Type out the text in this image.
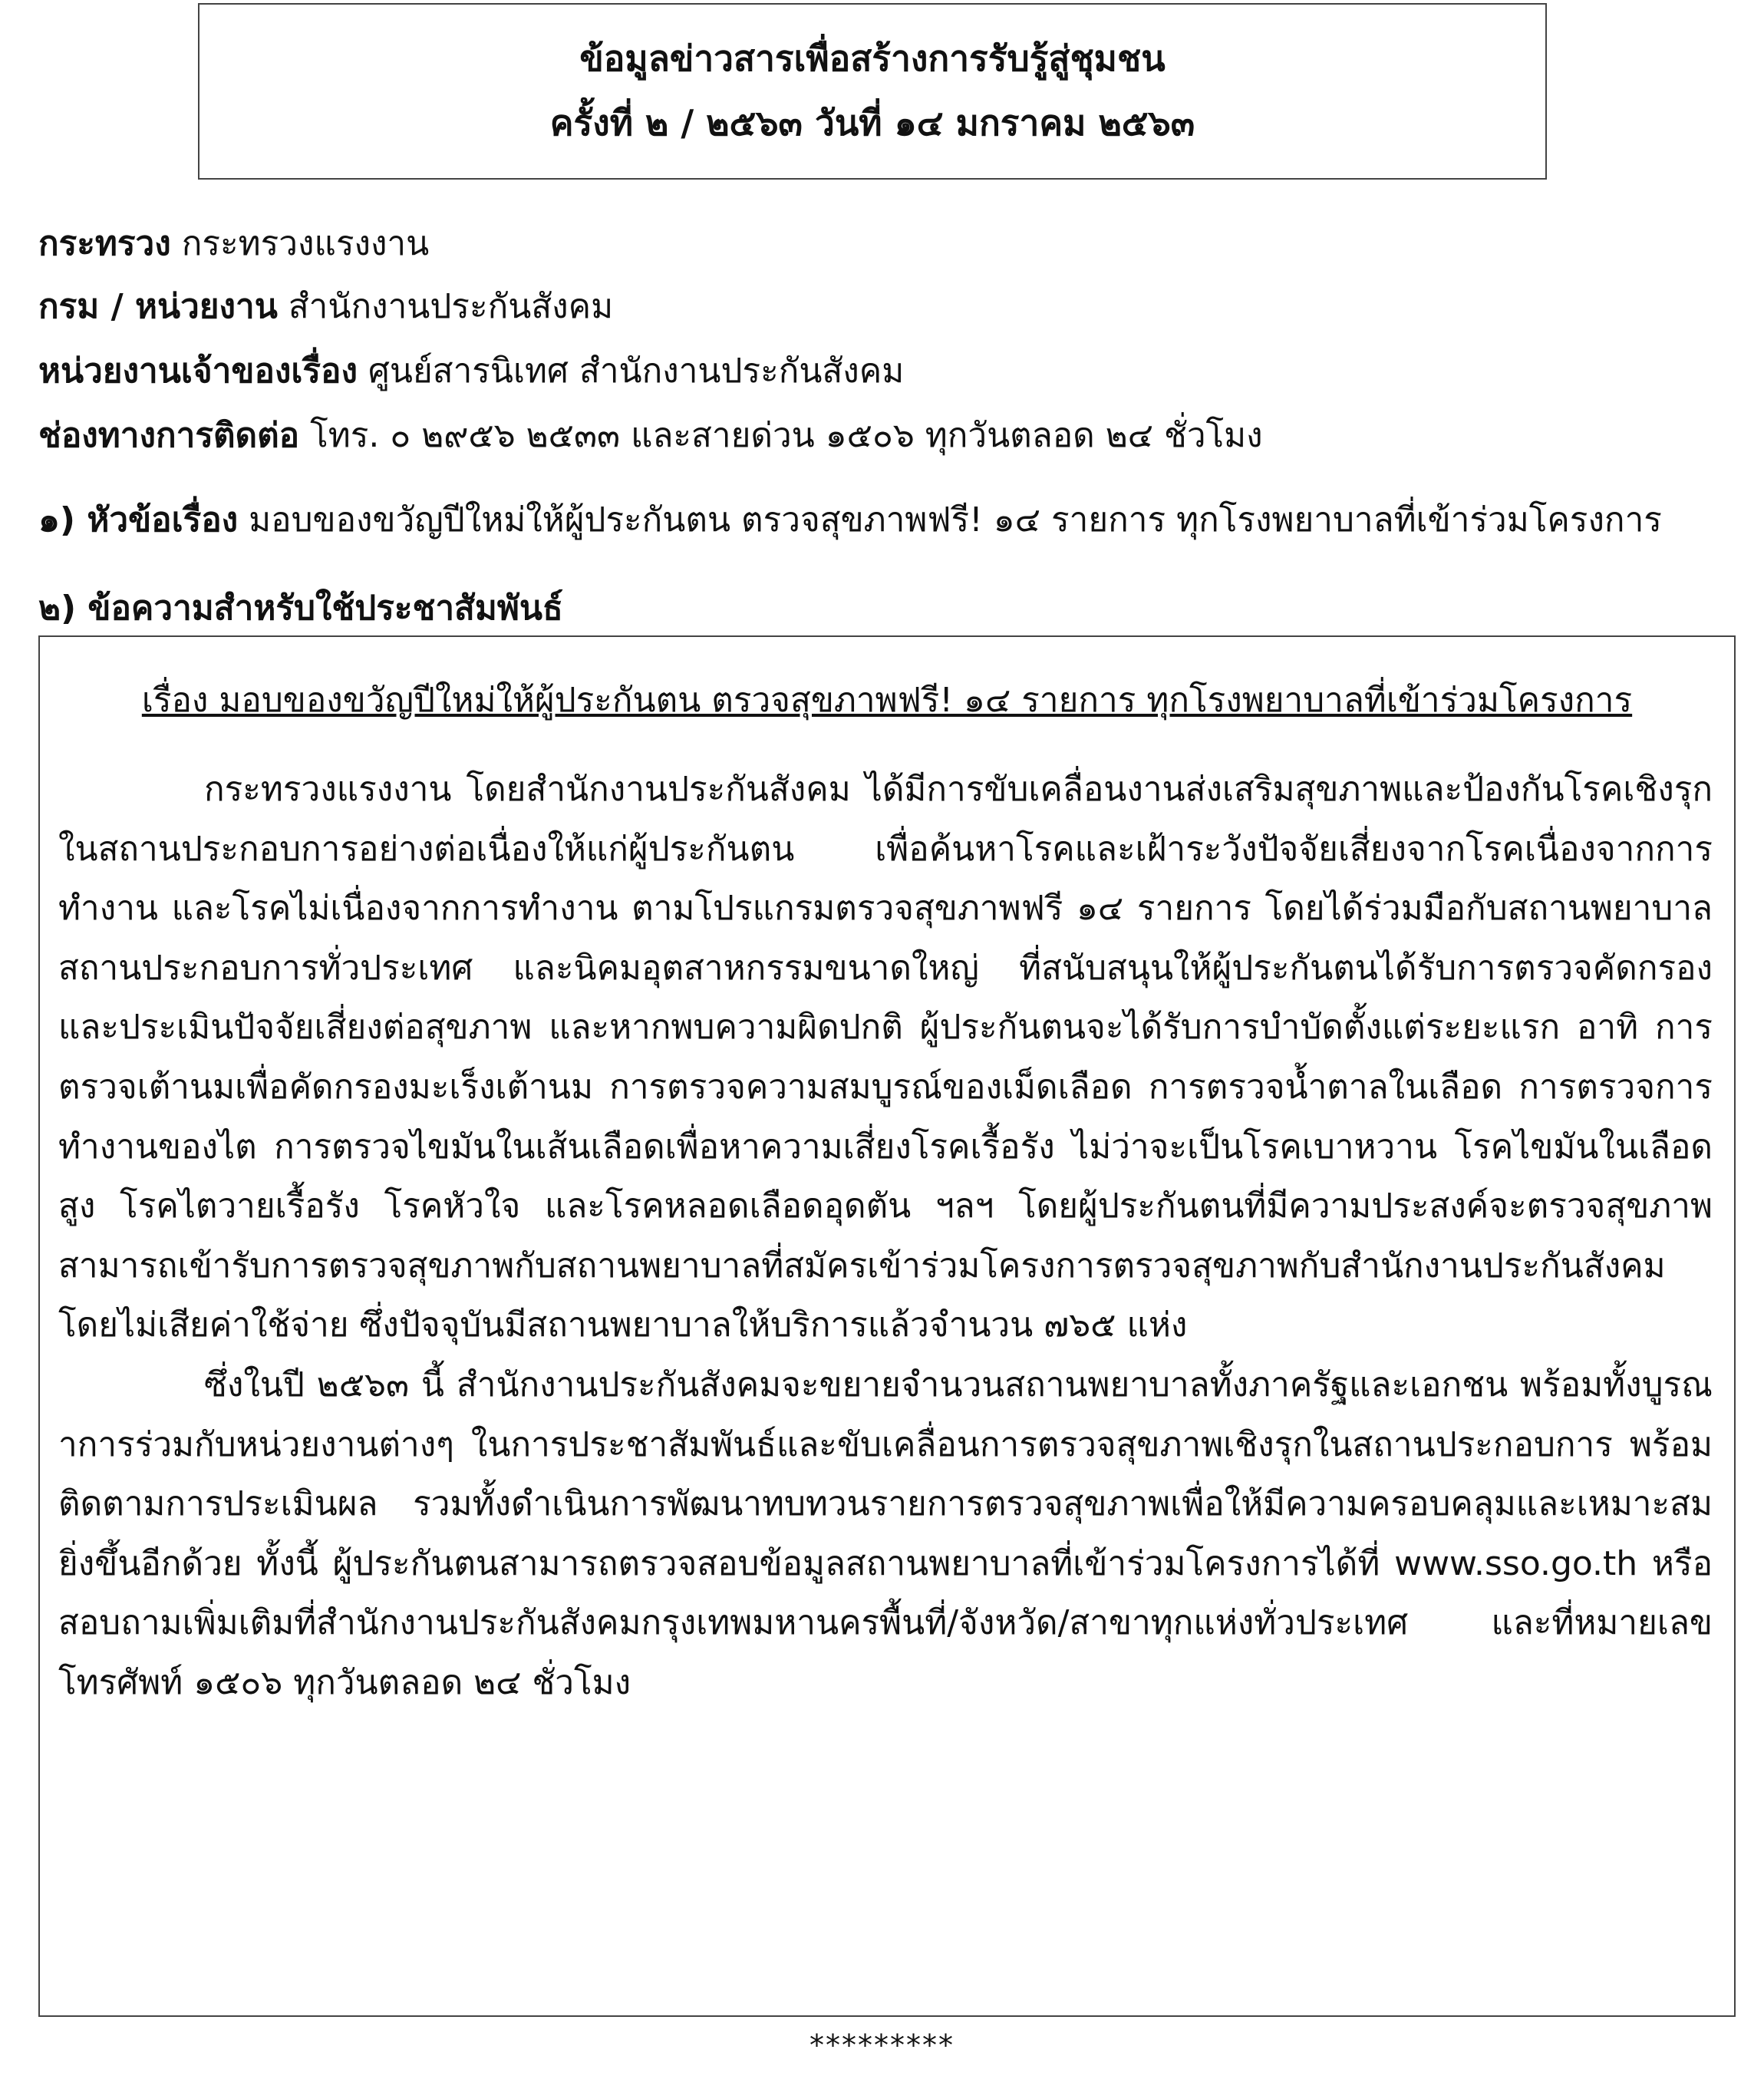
ข้อมูลข่าวสารเพื่อสร้างการรับรู้สู่ชุมชน
ครั้งที่ ๒ / ๒๕๖๓ วันที่ ๑๔ มกราคม ๒๕๖๓
กระทรวง กระทรวงแรงงาน
กรม / หน่วยงาน สำนักงานประกันสังคม
หน่วยงานเจ้าของเรื่อง ศูนย์สารนิเทศ สำนักงานประกันสังคม
ช่องทางการติดต่อ โทร. ๐ ๒๙๕๖ ๒๕๓๓ และสายด่วน ๑๕๐๖ ทุกวันตลอด ๒๔ ชั่วโมง
๑) หัวข้อเรื่อง มอบของขวัญปีใหม่ให้ผู้ประกันตน ตรวจสุขภาพฟรี! ๑๔ รายการ ทุกโรงพยาบาลที่เข้าร่วมโครงการ
๒) ข้อความสำหรับใช้ประชาสัมพันธ์
เรื่อง มอบของขวัญปีใหม่ให้ผู้ประกันตน ตรวจสุขภาพฟรี! ๑๔ รายการ ทุกโรงพยาบาลที่เข้าร่วมโครงการ

กระทรวงแรงงาน โดยสำนักงานประกันสังคม ได้มีการขับเคลื่อนงานส่งเสริมสุขภาพและป้องกันโรคเชิงรุกในสถานประกอบการอย่างต่อเนื่องให้แก่ผู้ประกันตน เพื่อค้นหาโรคและเฝ้าระวังปัจจัยเสี่ยงจากโรคเนื่องจากการทำงาน และโรคไม่เนื่องจากการทำงาน ตามโปรแกรมตรวจสุขภาพฟรี ๑๔ รายการ โดยได้ร่วมมือกับสถานพยาบาล สถานประกอบการทั่วประเทศ และนิคมอุตสาหกรรมขนาดใหญ่ ที่สนับสนุนให้ผู้ประกันตนได้รับการตรวจคัดกรองและประเมินปัจจัยเสี่ยงต่อสุขภาพ และหากพบความผิดปกติ ผู้ประกันตนจะได้รับการบำบัดตั้งแต่ระยะแรก อาทิ การตรวจเต้านมเพื่อคัดกรองมะเร็งเต้านม การตรวจความสมบูรณ์ของเม็ดเลือด การตรวจน้ำตาลในเลือด การตรวจการทำงานของไต การตรวจไขมันในเส้นเลือดเพื่อหาความเสี่ยงโรคเรื้อรัง ไม่ว่าจะเป็นโรคเบาหวาน โรคไขมันในเลือดสูง โรคไตวายเรื้อรัง โรคหัวใจ และโรคหลอดเลือดอุดตัน ฯลฯ โดยผู้ประกันตนที่มีความประสงค์จะตรวจสุขภาพสามารถเข้ารับการตรวจสุขภาพกับสถานพยาบาลที่สมัครเข้าร่วมโครงการตรวจสุขภาพกับสำนักงานประกันสังคม โดยไม่เสียค่าใช้จ่าย ซึ่งปัจจุบันมีสถานพยาบาลให้บริการแล้วจำนวน ๗๖๕ แห่ง

ซึ่งในปี ๒๕๖๓ นี้ สำนักงานประกันสังคมจะขยายจำนวนสถานพยาบาลทั้งภาครัฐและเอกชน พร้อมทั้งบูรณาการร่วมกับหน่วยงานต่างๆ ในการประชาสัมพันธ์และขับเคลื่อนการตรวจสุขภาพเชิงรุกในสถานประกอบการ พร้อมติดตามการประเมินผล รวมทั้งดำเนินการพัฒนาทบทวนรายการตรวจสุขภาพเพื่อให้มีความครอบคลุมและเหมาะสมยิ่งขึ้นอีกด้วย ทั้งนี้ ผู้ประกันตนสามารถตรวจสอบข้อมูลสถานพยาบาลที่เข้าร่วมโครงการได้ที่ www.sso.go.th หรือสอบถามเพิ่มเติมที่สำนักงานประกันสังคมกรุงเทพมหานครพื้นที่/จังหวัด/สาขาทุกแห่งทั่วประเทศ และที่หมายเลขโทรศัพท์ ๑๕๐๖ ทุกวันตลอด ๒๔ ชั่วโมง

*********
